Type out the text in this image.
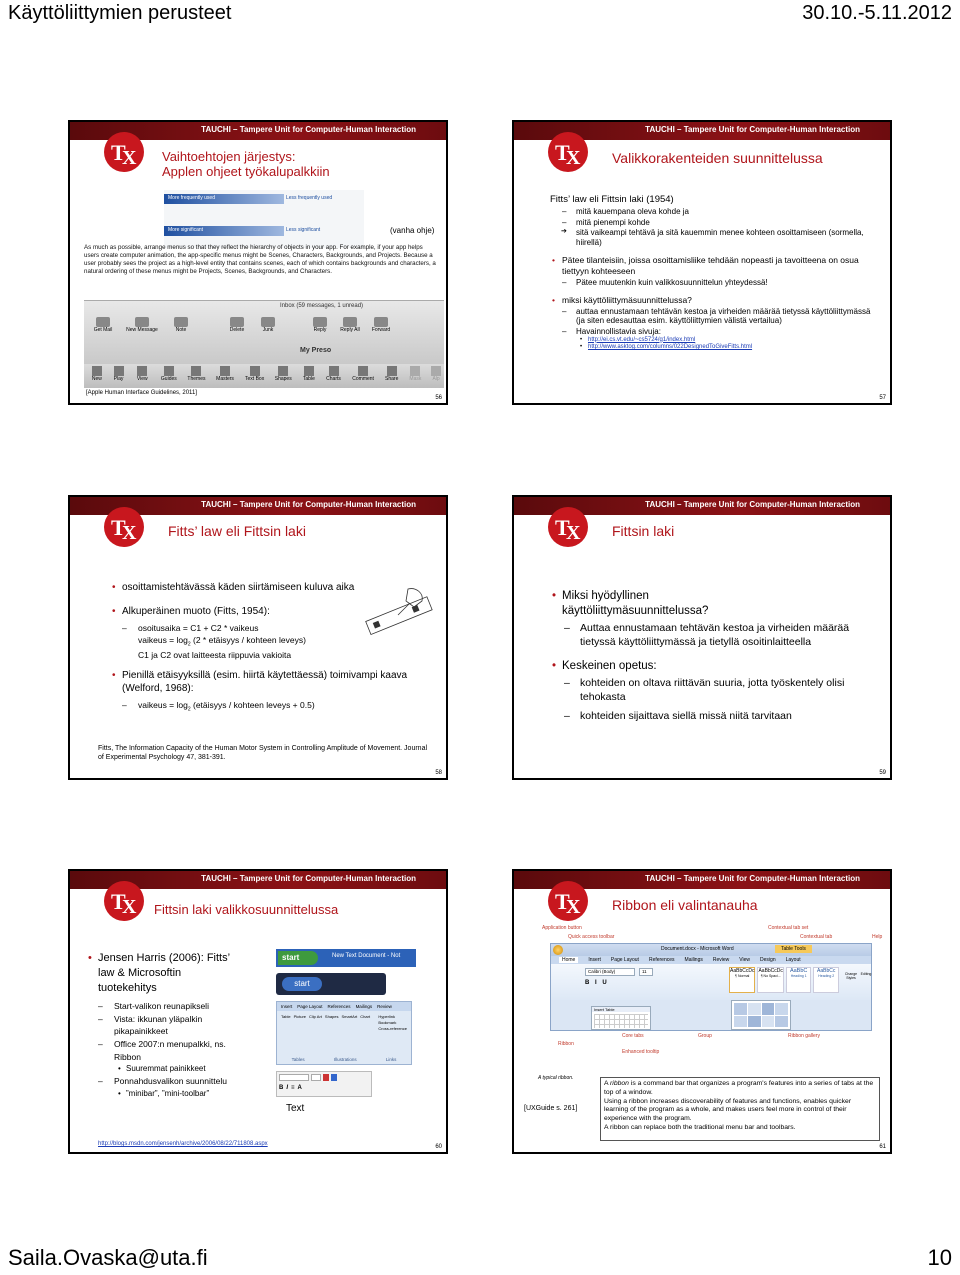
Käyttöliittymien perusteet	30.10.-5.11.2012
TAUCHI – Tampere Unit for Computer-Human Interaction
T
X Vaihtoehtojen järjestys:
Applen ohjeet työkalupalkkiin
More frequently used	Less frequently used
More significant	Less significant	(vanha ohje)
As much as possible, arrange menus so that they reflect the hierarchy of objects in your app. For example, if your app helps users create computer animation, the app-specific menus might be Scenes, Characters, Backgrounds, and Projects. Because a user probably sees the project as a high-level entity that contains scenes, each of which contains backgrounds and characters, a natural ordering of these menus might be Projects, Scenes, Backgrounds, and Characters.
Inbox (59 messages, 1 unread)
Get Mail	New Message	Note	Delete	Junk	Reply	Reply All	Forward
My Preso
New	Play	View	Guides	Themes	Masters	Text Box	Shapes	Table	Charts	Comment	Share	Mask	Alp
[Apple Human Interface Guidelines, 2011]
56
TAUCHI – Tampere Unit for Computer-Human Interaction
T
X Valikkorakenteiden suunnittelussa
Fitts’ law eli Fittsin laki (1954)
– mitä kauempana oleva kohde ja
– mitä pienempi kohde
➔ sitä vaikeampi tehtävä ja sitä kauemmin menee kohteen osoittamiseen (sormella, hiirellä)
• Pätee tilanteisiin, joissa osoittamisliike tehdään nopeasti ja tavoitteena on osua tiettyyn kohteeseen
– Pätee muutenkin kuin valikkosuunnittelun yhteydessä!
• miksi käyttöliittymäsuunnittelussa?
– auttaa ennustamaan tehtävän kestoa ja virheiden määrää tietyssä käyttöliittymässä (ja siten edesauttaa esim. käyttöliittymien välistä vertailua)
– Havainnollistavia sivuja:
• http://ei.cs.vt.edu/~cs5724/g1/index.html
• http://www.asktog.com/columns/022DesignedToGiveFitts.html
57
TAUCHI – Tampere Unit for Computer-Human Interaction
T
X Fitts’ law eli Fittsin laki
• osoittamistehtävässä käden siirtämiseen kuluva aika
• Alkuperäinen muoto (Fitts, 1954):
– osoitusaika = C1 + C2 * vaikeus
vaikeus = $\log_2 (2$ * etäisyys / kohteen leveys)
C1 ja C2 ovat laitteesta riippuvia vakioita
• Pienillä etäisyyksillä (esim. hiirtä käytettäessä) toimivampi kaava (Welford, 1968):
– vaikeus = $\log_2$ (etäisyys / kohteen leveys + 0.5)
Fitts, The Information Capacity of the Human Motor System in Controlling Amplitude of Movement. Journal of Experimental Psychology 47, 381-391.
58
TAUCHI – Tampere Unit for Computer-Human Interaction
T
X Fittsin laki
• Miksi hyödyllinen käyttöliittymäsuunnittelussa?
– Auttaa ennustamaan tehtävän kestoa ja virheiden määrää tietyssä käyttöliittymässä ja tietyllä osoitinlaitteella
• Keskeinen opetus:
– kohteiden on oltava riittävän suuria, jotta työskentely olisi tehokasta
– kohteiden sijaittava siellä missä niitä tarvitaan
59
TAUCHI – Tampere Unit for Computer-Human Interaction
T
X Fittsin laki valikkosuunnittelussa
• Jensen Harris (2006): Fitts’ law & Microsoftin tuotekehitys
– Start-valikon reunapikseli
– Vista: ikkunan yläpalkin pikapainikkeet
– Office 2007:n menupalkki, ns. Ribbon
• Suuremmat painikkeet
– Ponnahdusvalikon suunnittelu
• ”minibar”, ”mini-toolbar”
start	New Text Document - Not
start
Insert Page Layout References Mailings Review
Table Picture Clip Art Shapes SmartArt Chart Hyperlink
Bookmark
Cross-reference
Tables	Illustrations	Links
B I ≡ A
Text
http://blogs.msdn.com/jensenh/archive/2006/08/22/711808.aspx	60
TAUCHI – Tampere Unit for Computer-Human Interaction
T
X Ribbon eli valintanauha
Application button
Quick access toolbar
Contextual tab set
Contextual tab	Help
Core tabs	Group
Ribbon
Ribbon gallery
Enhanced tooltip
Document.docx - Microsoft Word	Table Tools
Home	Insert Page Layout References Mailings Review View Design Layout
Calibri (Body)	11
B I U
AaBbCcDc
¶ Normal
AaBbCcDc
¶ No Spaci...
AaBbC
Heading 1
AaBbCc
Heading 2	Change Styles
Editing
Insert Table
A typical ribbon.
[UXGuide s. 261]
A ribbon is a command bar that organizes a program's features into a series of tabs at the top of a window.
Using a ribbon increases discoverability of features and functions, enables quicker learning of the program as a whole, and makes users feel more in control of their experience with the program.
A ribbon can replace both the traditional menu bar and toolbars.
61
Saila.Ovaska@uta.fi	10
